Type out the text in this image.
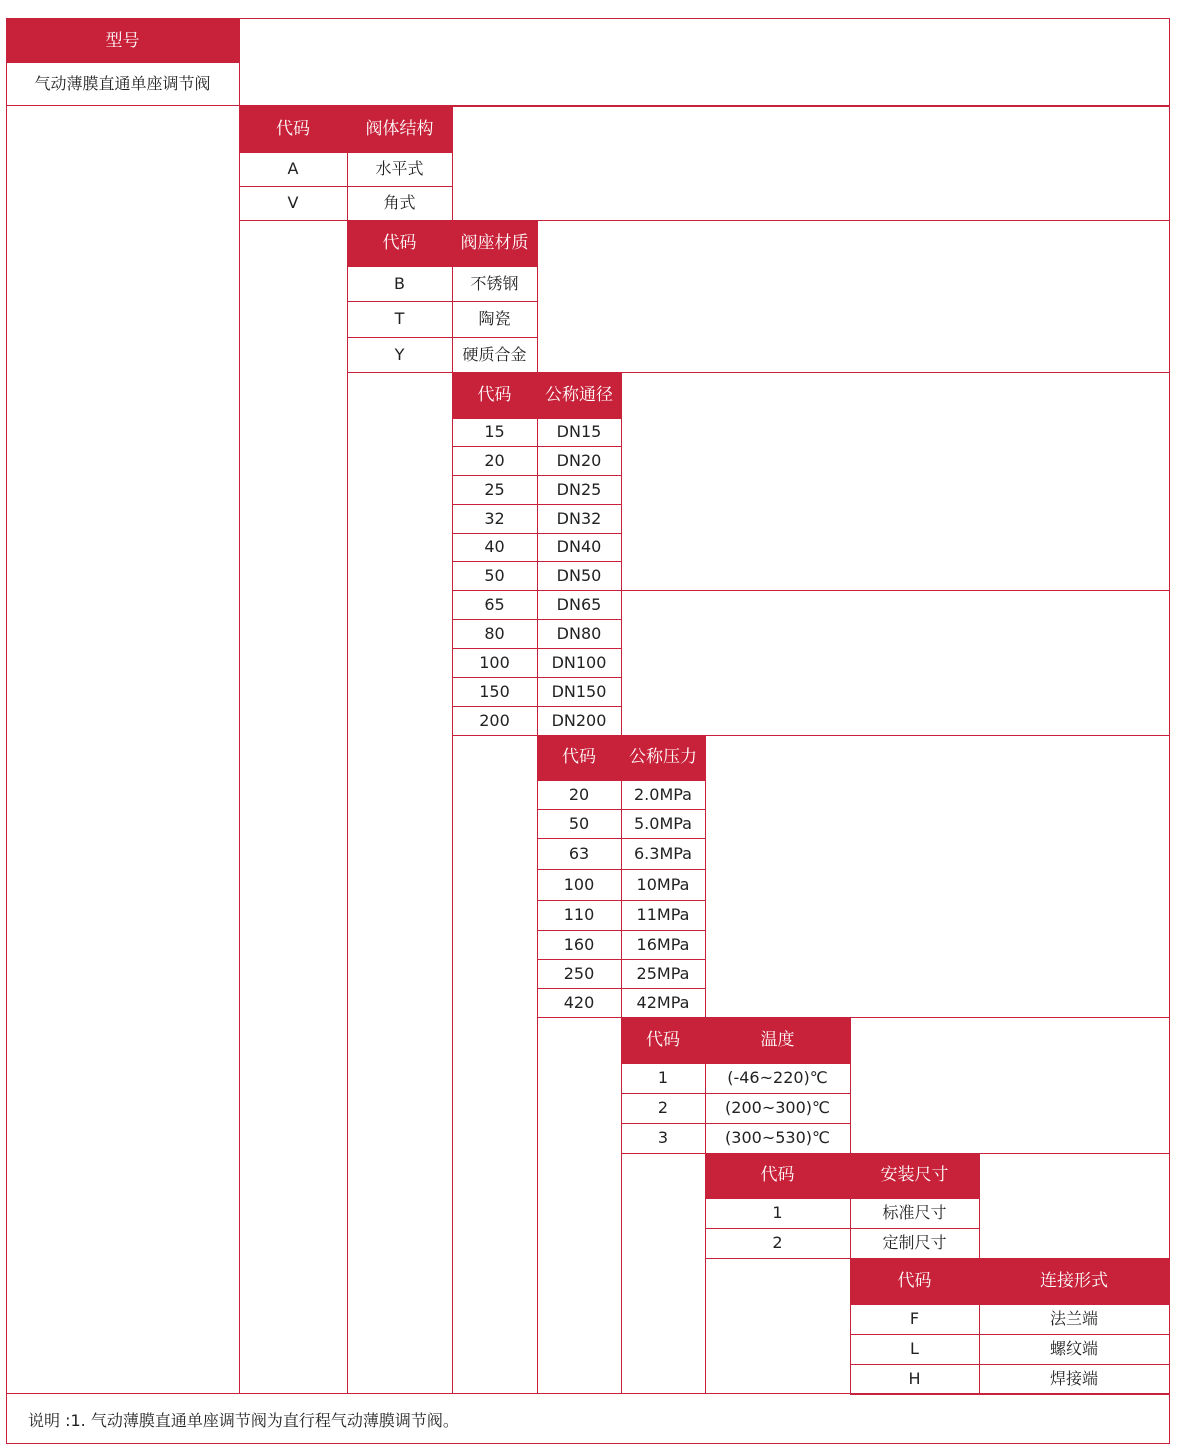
型号
气动薄膜直通单座调节阀
说明 :1. 气动薄膜直通单座调节阀为直行程气动薄膜调节阀。
代码	阀体结构
A	水平式
V	角式
代码	阀座材质
B	不锈钢
T	陶瓷
Y	硬质合金
代码	公称通径
15	DN15
20	DN20
25	DN25
32	DN32
40	DN40
50	DN50
65	DN65
80	DN80
100	DN100
150	DN150
200	DN200
代码	公称压力
20	2.0MPa
50	5.0MPa
63	6.3MPa
100	10MPa
110	11MPa
160	16MPa
250	25MPa
420	42MPa
代码	温度
1	(-46~220)℃
2	(200~300)℃
3	(300~530)℃
代码	安装尺寸
1	标准尺寸
2	定制尺寸
代码	连接形式
F	法兰端
L	螺纹端
H	焊接端
